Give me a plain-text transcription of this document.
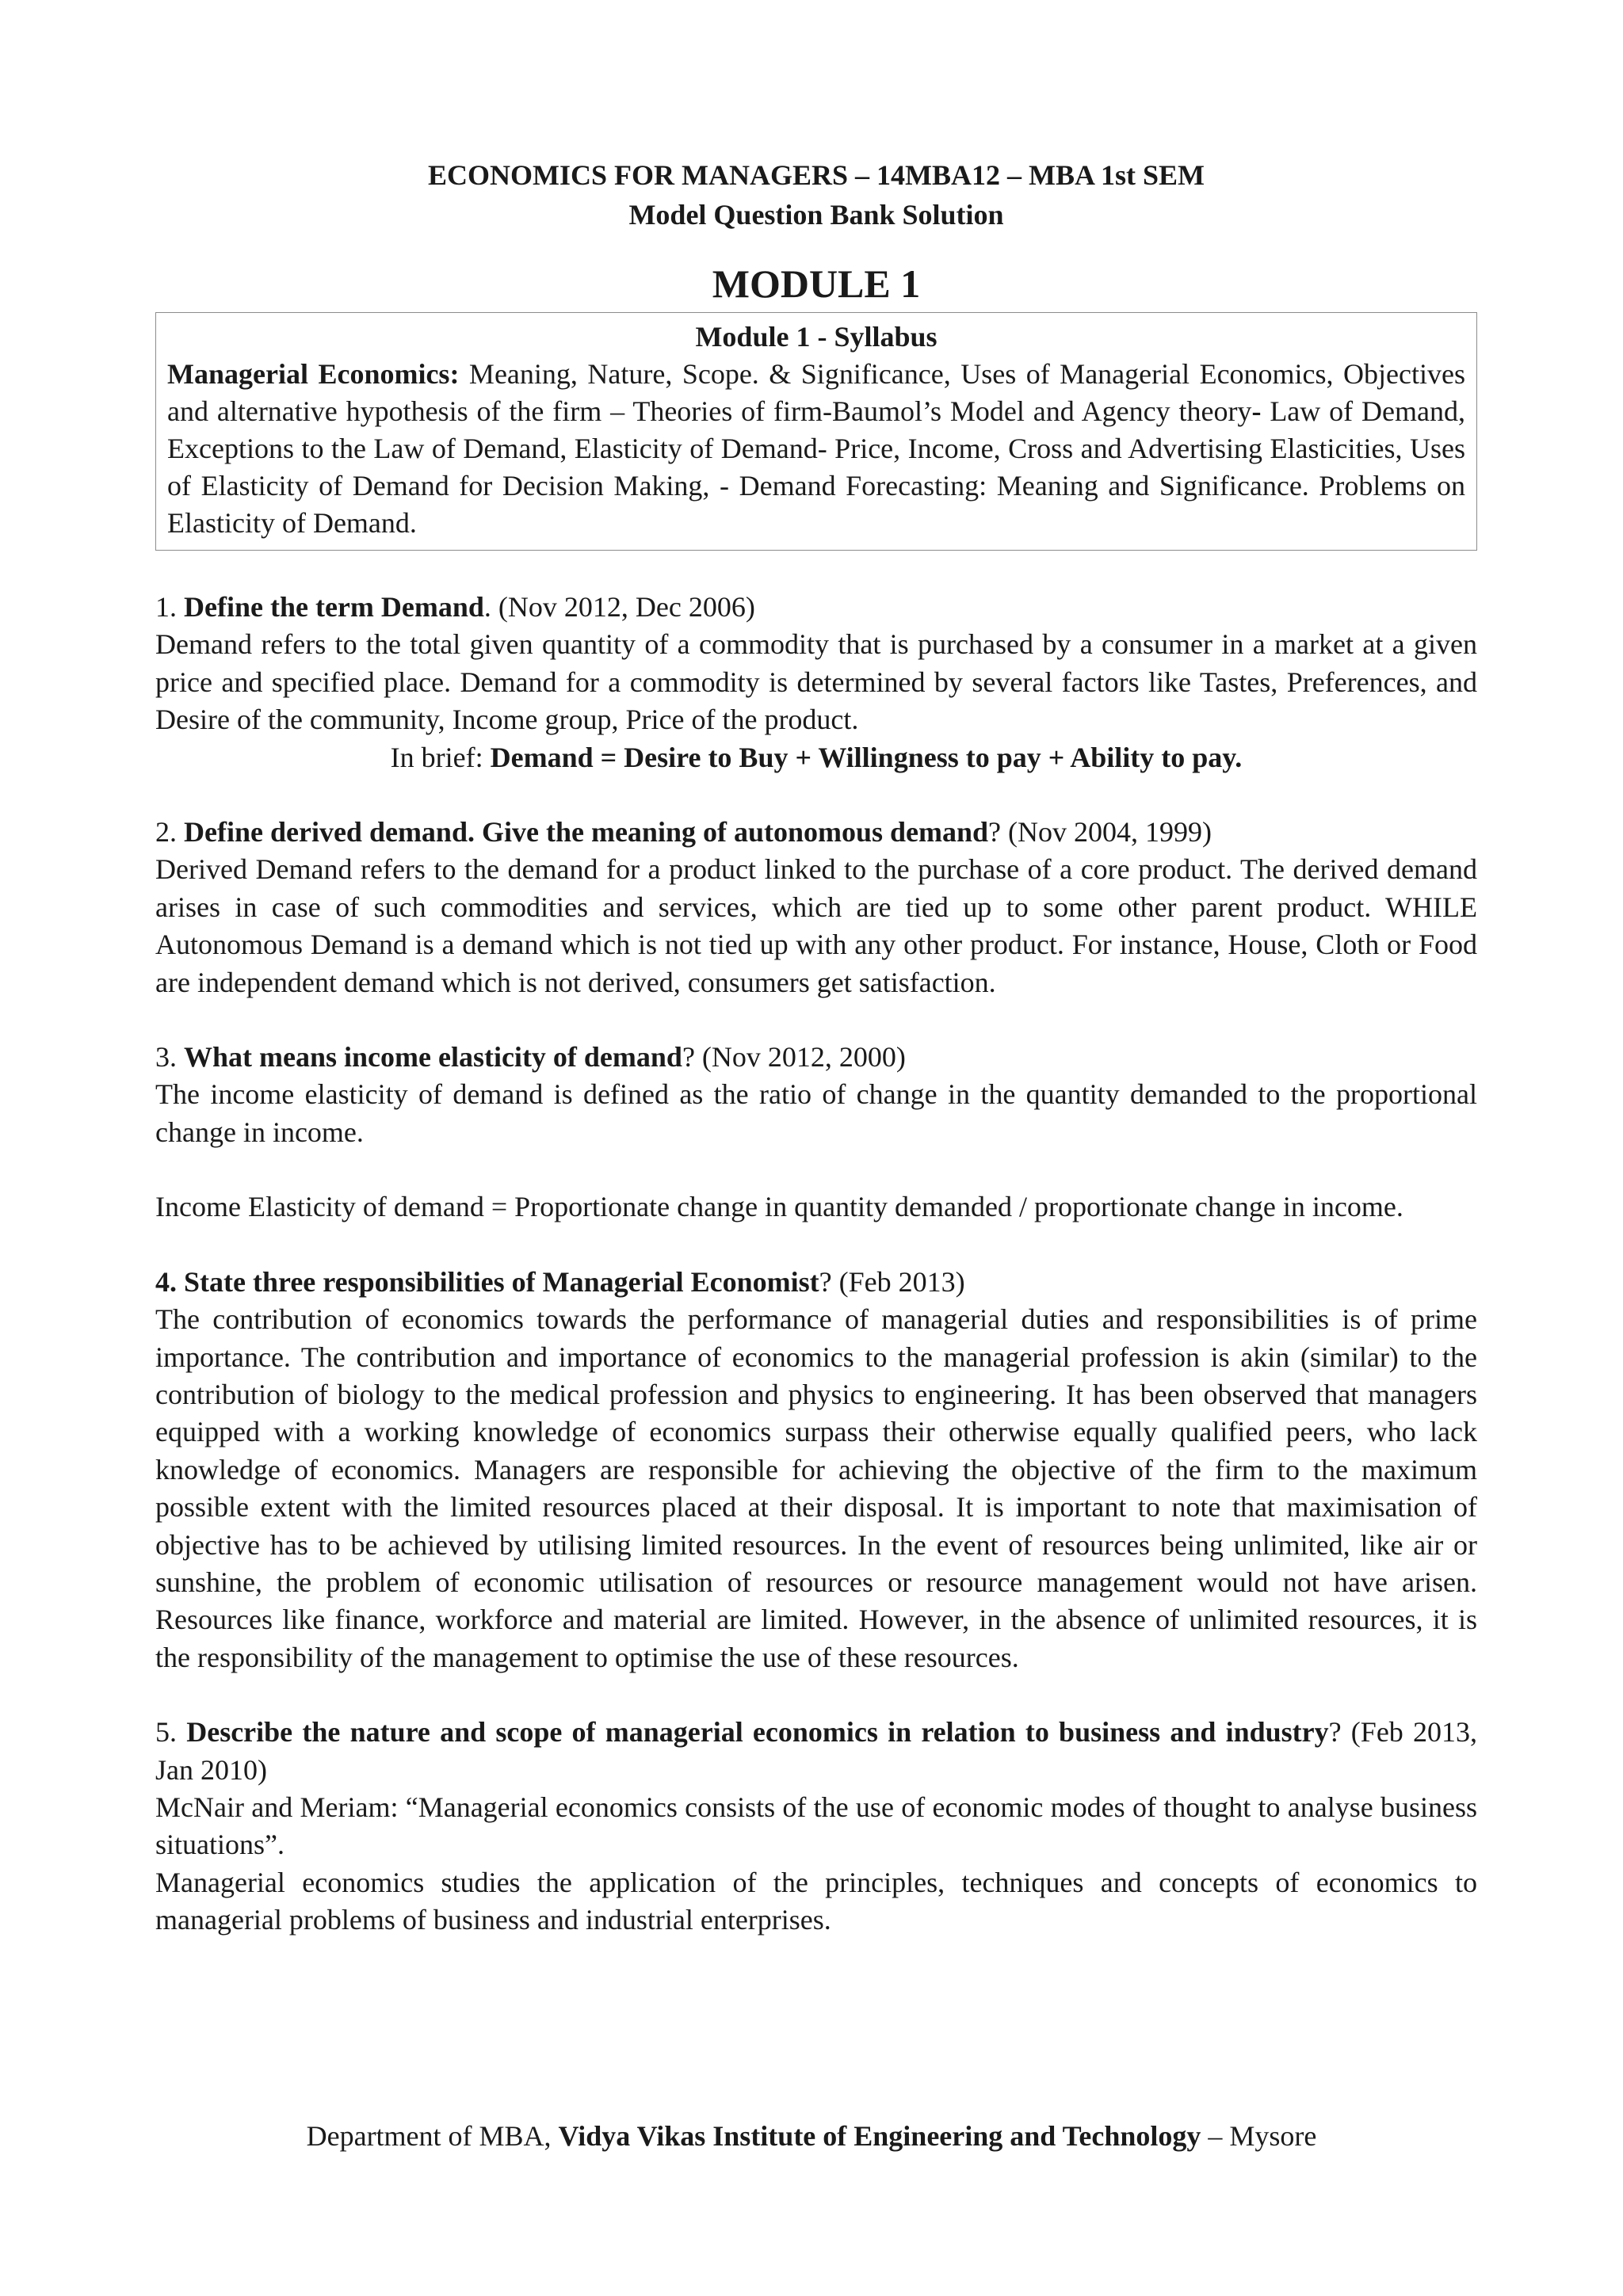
ECONOMICS FOR MANAGERS – 14MBA12 – MBA 1st SEM
Model Question Bank Solution
MODULE 1
Module 1 - Syllabus
Managerial Economics: Meaning, Nature, Scope. & Significance, Uses of Managerial Economics, Objectives and alternative hypothesis of the firm – Theories of firm-Baumol’s Model and Agency theory- Law of Demand, Exceptions to the Law of Demand, Elasticity of Demand- Price, Income, Cross and Advertising Elasticities, Uses of Elasticity of Demand for Decision Making, - Demand Forecasting: Meaning and Significance. Problems on Elasticity of Demand.

1. Define the term Demand. (Nov 2012, Dec 2006)

Demand refers to the total given quantity of a commodity that is purchased by a consumer in a market at a given price and specified place. Demand for a commodity is determined by several factors like Tastes, Preferences, and Desire of the community, Income group, Price of the product.

In brief: Demand = Desire to Buy + Willingness to pay + Ability to pay.

2. Define derived demand. Give the meaning of autonomous demand? (Nov 2004, 1999)

Derived Demand refers to the demand for a product linked to the purchase of a core product. The derived demand arises in case of such commodities and services, which are tied up to some other parent product. WHILE Autonomous Demand is a demand which is not tied up with any other product. For instance, House, Cloth or Food are independent demand which is not derived, consumers get satisfaction.

3. What means income elasticity of demand? (Nov 2012, 2000)

The income elasticity of demand is defined as the ratio of change in the quantity demanded to the proportional change in income.

Income Elasticity of demand = Proportionate change in quantity demanded / proportionate change in income.

4. State three responsibilities of Managerial Economist? (Feb 2013)

The contribution of economics towards the performance of managerial duties and responsibilities is of prime importance. The contribution and importance of economics to the managerial profession is akin (similar) to the contribution of biology to the medical profession and physics to engineering. It has been observed that managers equipped with a working knowledge of economics surpass their otherwise equally qualified peers, who lack knowledge of economics. Managers are responsible for achieving the objective of the firm to the maximum possible extent with the limited resources placed at their disposal. It is important to note that maximisation of objective has to be achieved by utilising limited resources. In the event of resources being unlimited, like air or sunshine, the problem of economic utilisation of resources or resource management would not have arisen. Resources like finance, workforce and material are limited. However, in the absence of unlimited resources, it is the responsibility of the management to optimise the use of these resources.

5. Describe the nature and scope of managerial economics in relation to business and industry? (Feb 2013, Jan 2010)

McNair and Meriam: “Managerial economics consists of the use of economic modes of thought to analyse business situations”.

Managerial economics studies the application of the principles, techniques and concepts of economics to managerial problems of business and industrial enterprises.

Department of MBA, Vidya Vikas Institute of Engineering and Technology – Mysore
